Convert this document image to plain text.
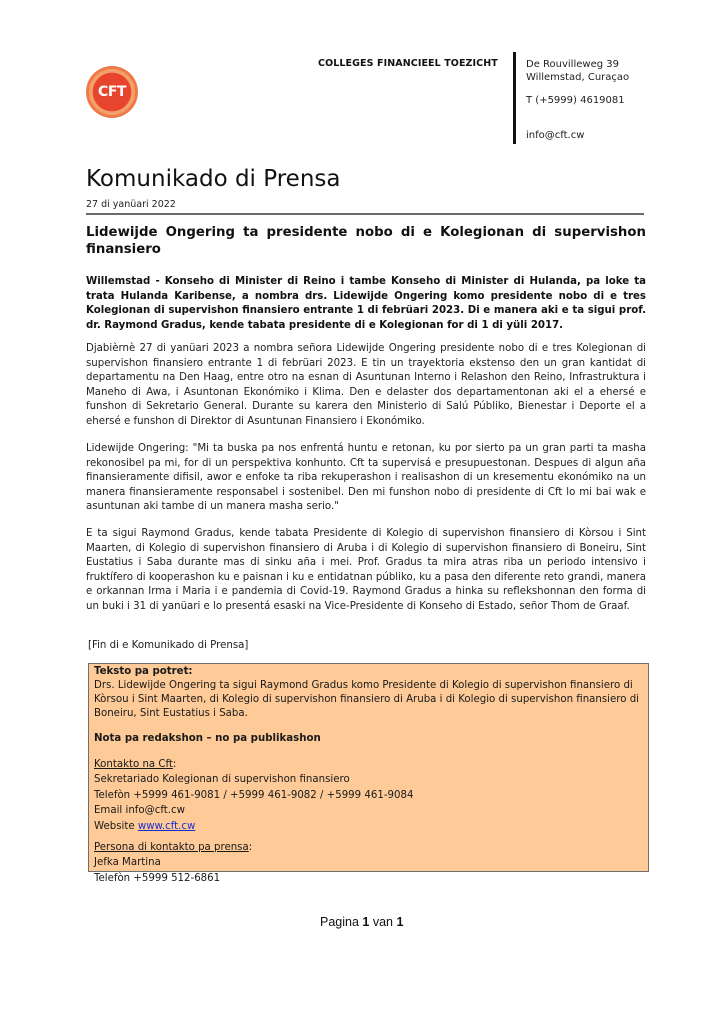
CFT
COLLEGES FINANCIEEL TOEZICHT	De Rouvilleweg 39
Willemstad, Curaçao
T (+5999) 4619081
info@cft.cw
Komunikado di Prensa
27 di yanüari 2022
Lidewijde Ongering ta presidente nobo di e Kolegionan di supervishon finansiero
Willemstad - Konseho di Minister di Reino i tambe Konseho di Minister di Hulanda, pa loke ta trata Hulanda Karibense, a nombra drs. Lidewijde Ongering komo presidente nobo di e tres Kolegionan di supervishon finansiero entrante 1 di febrüari 2023. Di e manera aki e ta sigui prof. dr. Raymond Gradus, kende tabata presidente di e Kolegionan for di 1 di yüli 2017.
Djabièrnè 27 di yanüari 2023 a nombra señora Lidewijde Ongering presidente nobo di e tres Kolegionan di supervishon finansiero entrante 1 di febrüari 2023. E tin un trayektoria ekstenso den un gran kantidat di departamentu na Den Haag, entre otro na esnan di Asuntunan Interno i Relashon den Reino, Infrastruktura i Maneho di Awa, i Asuntonan Ekonómiko i Klima. Den e delaster dos departamentonan aki el a ehersé e funshon di Sekretario General. Durante su karera den Ministerio di Salú Públiko, Bienestar i Deporte el a ehersé e funshon di Direktor di Asuntunan Finansiero i Ekonómiko.
Lidewijde Ongering: "Mi ta buska pa nos enfrentá huntu e retonan, ku por sierto pa un gran parti ta masha rekonosibel pa mi, for di un perspektiva konhunto. Cft ta supervisá e presupuestonan. Despues di algun aña finansieramente difisil, awor e enfoke ta riba rekuperashon i realisashon di un kresementu ekonómiko na un manera finansieramente responsabel i sostenibel. Den mi funshon nobo di presidente di Cft lo mi bai wak e asuntunan aki tambe di un manera masha serio."
E ta sigui Raymond Gradus, kende tabata Presidente di Kolegio di supervishon finansiero di Kòrsou i Sint Maarten, di Kolegio di supervishon finansiero di Aruba i di Kolegio di supervishon finansiero di Boneiru, Sint Eustatius i Saba durante mas di sinku aña i mei. Prof. Gradus ta mira atras riba un periodo intensivo i fruktífero di kooperashon ku e paisnan i ku e entidatnan públiko, ku a pasa den diferente reto grandi, manera e orkannan Irma i Maria i e pandemia di Covid-19. Raymond Gradus a hinka su reflekshonnan den forma di un buki i 31 di yanüari e lo presentá esaski na Vice-Presidente di Konseho di Estado, señor Thom de Graaf.
[Fin di e Komunikado di Prensa]
Teksto pa potret:
Drs. Lidewijde Ongering ta sigui Raymond Gradus komo Presidente di Kolegio di supervishon finansiero di Kòrsou i Sint Maarten, di Kolegio di supervishon finansiero di Aruba i di Kolegio di supervishon finansiero di Boneiru, Sint Eustatius i Saba.
Nota pa redakshon – no pa publikashon
Kontakto na Cft:
Sekretariado Kolegionan di supervishon finansiero
Telefòn +5999 461-9081 / +5999 461-9082 / +5999 461-9084
Email info@cft.cw
Website www.cft.cw
Persona di kontakto pa prensa:
Jefka Martina
Telefòn +5999 512-6861
Pagina 1 van 1
